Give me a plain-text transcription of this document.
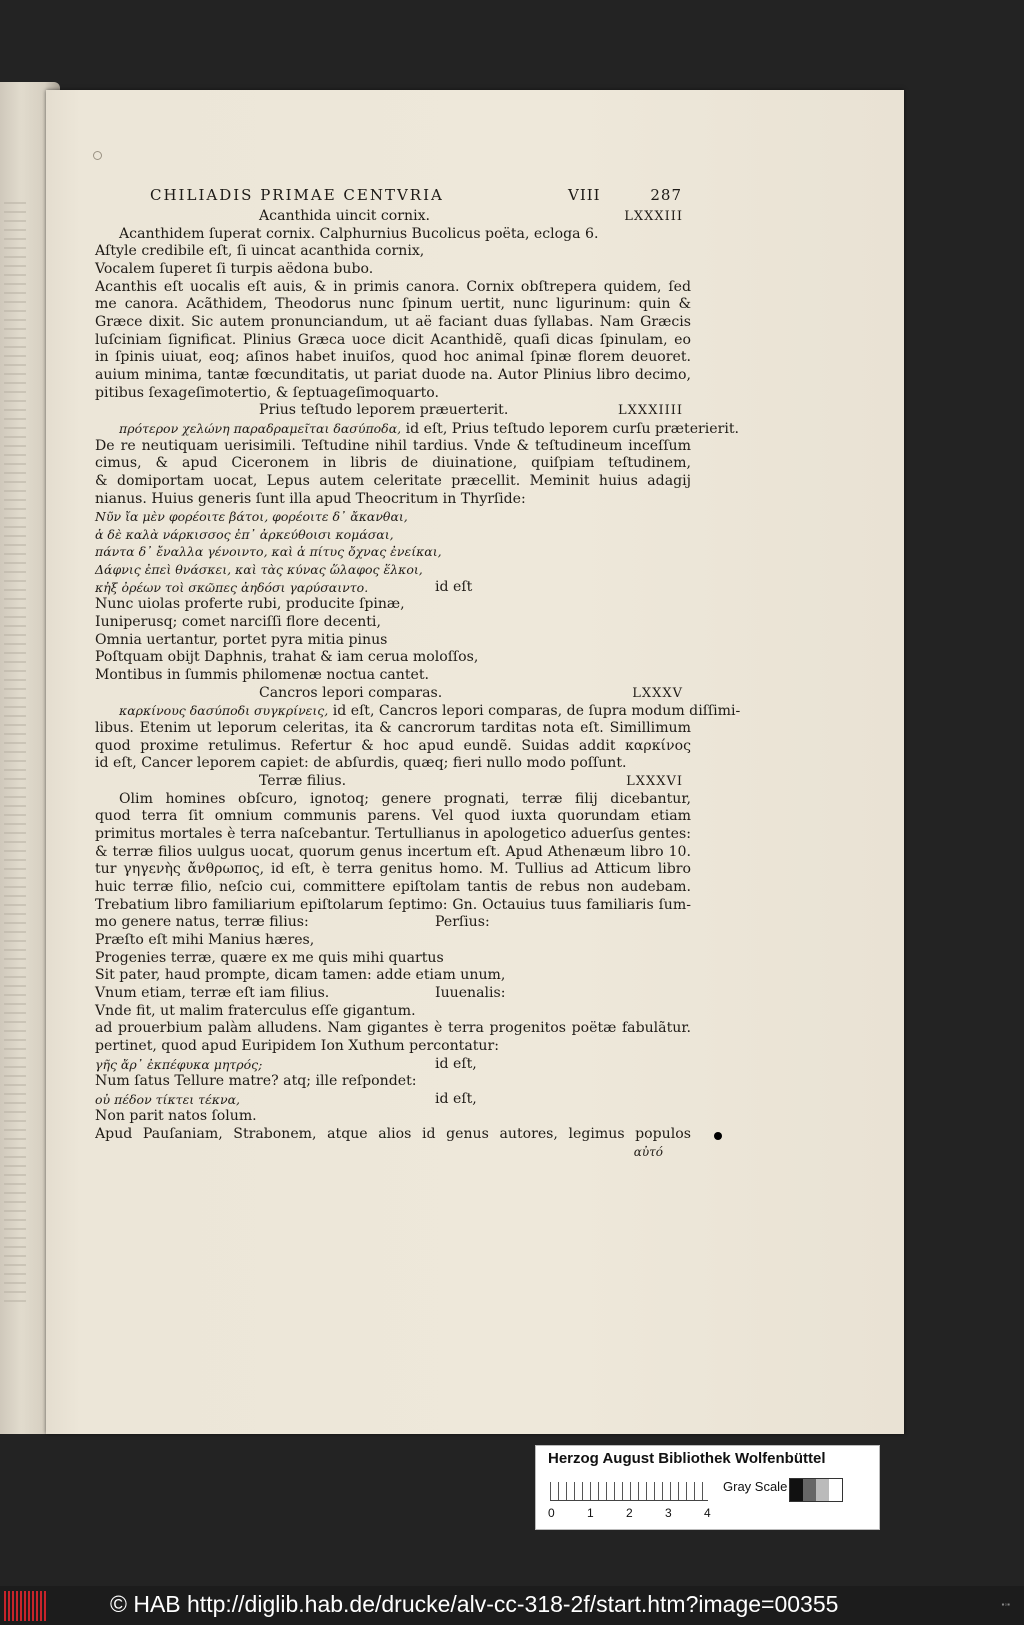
CHILIADIS PRIMAE CENTVRIA	VIII	287
Acanthida uincit cornix.	LXXXIII
Acanthidem ſuperat cornix. Calphurnius Bucolicus poëta, ecloga 6.
Aſtyle credibile eſt, ſi uincat acanthida cornix,
Vocalem ſuperet ſi turpis aëdona bubo.
Acanthis eſt uocalis eſt auis, & in primis canora. Cornix obſtrepera quidem, ſed
me canora. Acãthidem, Theodorus nunc ſpinum uertit, nunc ligurinum: quin &
Græce dixit. Sic autem pronunciandum, ut aë faciant duas ſyllabas. Nam Græcis
luſciniam ſignificat. Plinius Græca uoce dicit Acanthidẽ, quaſi dicas ſpinulam, eo
in ſpinis uiuat, eoq; aſinos habet inuiſos, quod hoc animal ſpinæ florem deuoret.
auium minima, tantæ fœcunditatis, ut pariat duode na. Autor Plinius libro decimo,
pitibus ſexageſimotertio, & ſeptuageſimoquarto.
Prius teſtudo leporem præuerterit.	LXXXIIII
πρότερον χελώνη παραδραμεῖται δασύποδα, id eſt, Prius teſtudo leporem curſu præterierit.
De re neutiquam uerisimili. Teſtudine nihil tardius. Vnde & teſtudineum inceſſum
cimus, & apud Ciceronem in libris de diuinatione, quiſpiam teſtudinem,
& domiportam uocat, Lepus autem celeritate præcellit. Meminit huius adagij
nianus. Huius generis ſunt illa apud Theocritum in Thyrſide:
Νῦν ἴα μὲν φορέοιτε βάτοι, φορέοιτε δ᾽ ἄκανθαι,
ἁ δὲ καλὰ νάρκισσος ἐπ᾽ ἀρκεύθοισι κομάσαι,
πάντα δ᾽ ἔναλλα γένοιντο, καὶ ἁ πίτυς ὄχνας ἐνείκαι,
Δάφνις ἐπεὶ θνάσκει, καὶ τὰς κύνας ὥλαφος ἕλκοι,
κἠξ ὀρέων τοὶ σκῶπες ἀηδόσι γαρύσαιντο.	id eſt
Nunc uiolas proferte rubi, producite ſpinæ,
Iuniperusq; comet narciſſi flore decenti,
Omnia uertantur, portet pyra mitia pinus
Poſtquam obijt Daphnis, trahat & iam cerua moloſſos,
Montibus in ſummis philomenæ noctua cantet.
Cancros lepori comparas.	LXXXV
καρκίνους δασύποδι συγκρίνεις, id eſt, Cancros lepori comparas, de ſupra modum diſſimi-
libus. Etenim ut leporum celeritas, ita & cancrorum tarditas nota eſt. Simillimum
quod proxime retulimus. Refertur & hoc apud eundẽ. Suidas addit καρκίνος
id eſt, Cancer leporem capiet: de abſurdis, quæq; fieri nullo modo poſſunt.
Terræ filius.	LXXXVI
Olim homines obſcuro, ignotoq; genere prognati, terræ filij dicebantur,
quod terra ſit omnium communis parens. Vel quod iuxta quorundam etiam
primitus mortales è terra naſcebantur. Tertullianus in apologetico aduerſus gentes:
& terræ filios uulgus uocat, quorum genus incertum eſt. Apud Athenæum libro 10.
tur γηγενὴς ἄνθρωπος, id eſt, è terra genitus homo. M. Tullius ad Atticum libro
huic terræ filio, neſcio cui, committere epiſtolam tantis de rebus non audebam.
Trebatium libro familiarium epiſtolarum ſeptimo: Gn. Octauius tuus familiaris ſum-
mo genere natus, terræ filius:	Perſius:
Præſto eſt mihi Manius hæres,
Progenies terræ, quære ex me quis mihi quartus
Sit pater, haud prompte, dicam tamen: adde etiam unum,
Vnum etiam, terræ eſt iam filius.	Iuuenalis:
Vnde fit, ut malim fraterculus eſſe gigantum.
ad prouerbium palàm alludens. Nam gigantes è terra progenitos poëtæ fabulãtur.
pertinet, quod apud Euripidem Ion Xuthum percontatur:
γῆς ἄρ᾽ ἐκπέφυκα μητρός;	id eſt,
Num ſatus Tellure matre? atq; ille reſpondet:
οὐ πέδον τίκτει τέκνα,	id eſt,
Non parit natos ſolum.
Apud Pauſaniam, Strabonem, atque alios id genus autores, legimus populos
αὐτό
Herzog August Bibliothek Wolfenbüttel
0	1	2	3	4
Gray Scale
© HAB http://diglib.hab.de/drucke/alv-cc-318-2f/start.htm?image=00355	▪◦▪
